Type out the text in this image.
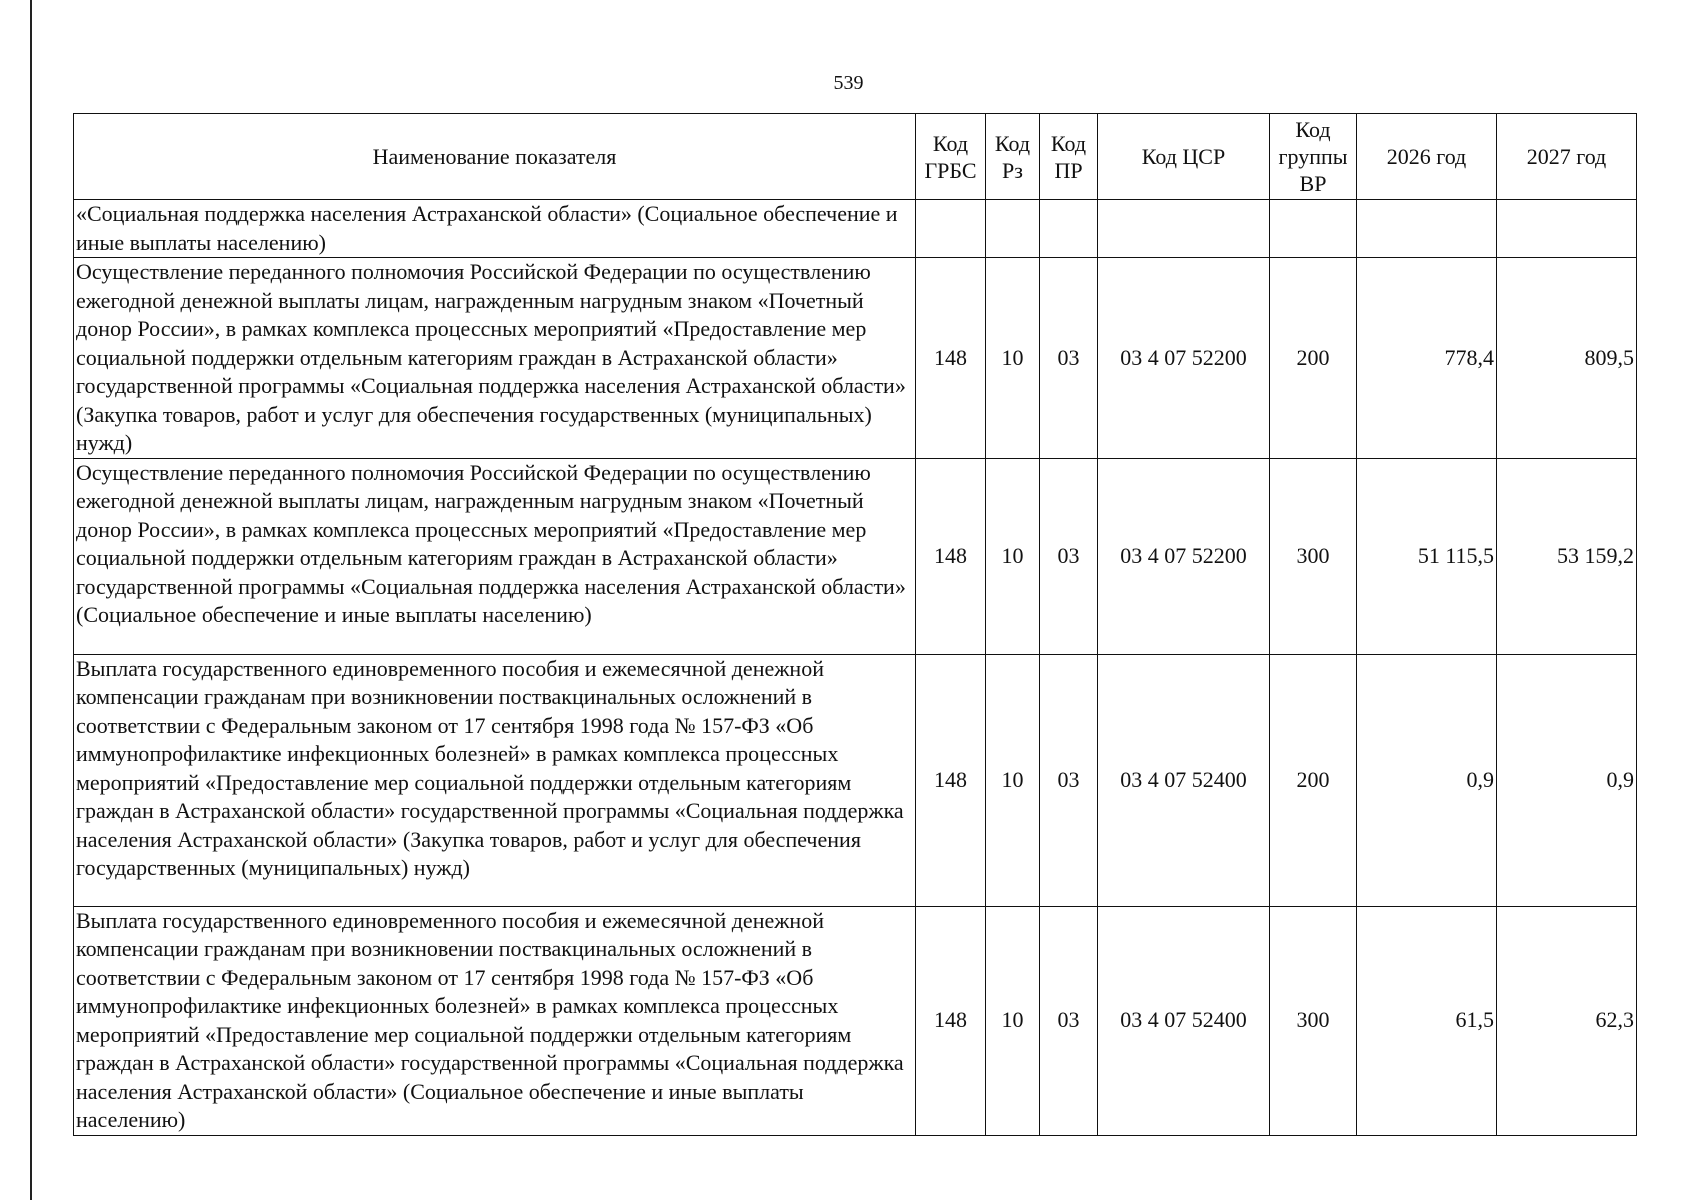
539
Наименование показателя	Код ГРБС	Код Рз	Код ПР	Код ЦСР	Код группы ВР	2026 год	2027 год
«Социальная поддержка населения Астраханской области» (Социальное обеспечение и иные выплаты населению)							
Осуществление переданного полномочия Российской Федерации по осуществлению ежегодной денежной выплаты лицам, награжденным нагрудным знаком «Почетный донор России», в рамках комплекса процессных мероприятий «Предоставление мер социальной поддержки отдельным категориям граждан в Астраханской области» государственной программы «Социальная поддержка населения Астраханской области» (Закупка товаров, работ и услуг для обеспечения государственных (муниципальных) нужд)	148	10	03	03 4 07 52200	200	778,4	809,5
Осуществление переданного полномочия Российской Федерации по осуществлению ежегодной денежной выплаты лицам, награжденным нагрудным знаком «Почетный донор России», в рамках комплекса процессных мероприятий «Предоставление мер социальной поддержки отдельным категориям граждан в Астраханской области» государственной программы «Социальная поддержка населения Астраханской области» (Социальное обеспечение и иные выплаты населению)	148	10	03	03 4 07 52200	300	51 115,5	53 159,2
Выплата государственного единовременного пособия и ежемесячной денежной компенсации гражданам при возникновении поствакцинальных осложнений в соответствии с Федеральным законом от 17 сентября 1998 года № 157-ФЗ «Об иммунопрофилактике инфекционных болезней» в рамках комплекса процессных мероприятий «Предоставление мер социальной поддержки отдельным категориям граждан в Астраханской области» государственной программы «Социальная поддержка населения Астраханской области» (Закупка товаров, работ и услуг для обеспечения государственных (муниципальных) нужд)	148	10	03	03 4 07 52400	200	0,9	0,9
Выплата государственного единовременного пособия и ежемесячной денежной компенсации гражданам при возникновении поствакцинальных осложнений в соответствии с Федеральным законом от 17 сентября 1998 года № 157-ФЗ «Об иммунопрофилактике инфекционных болезней» в рамках комплекса процессных мероприятий «Предоставление мер социальной поддержки отдельным категориям граждан в Астраханской области» государственной программы «Социальная поддержка населения Астраханской области» (Социальное обеспечение и иные выплаты населению)	148	10	03	03 4 07 52400	300	61,5	62,3
